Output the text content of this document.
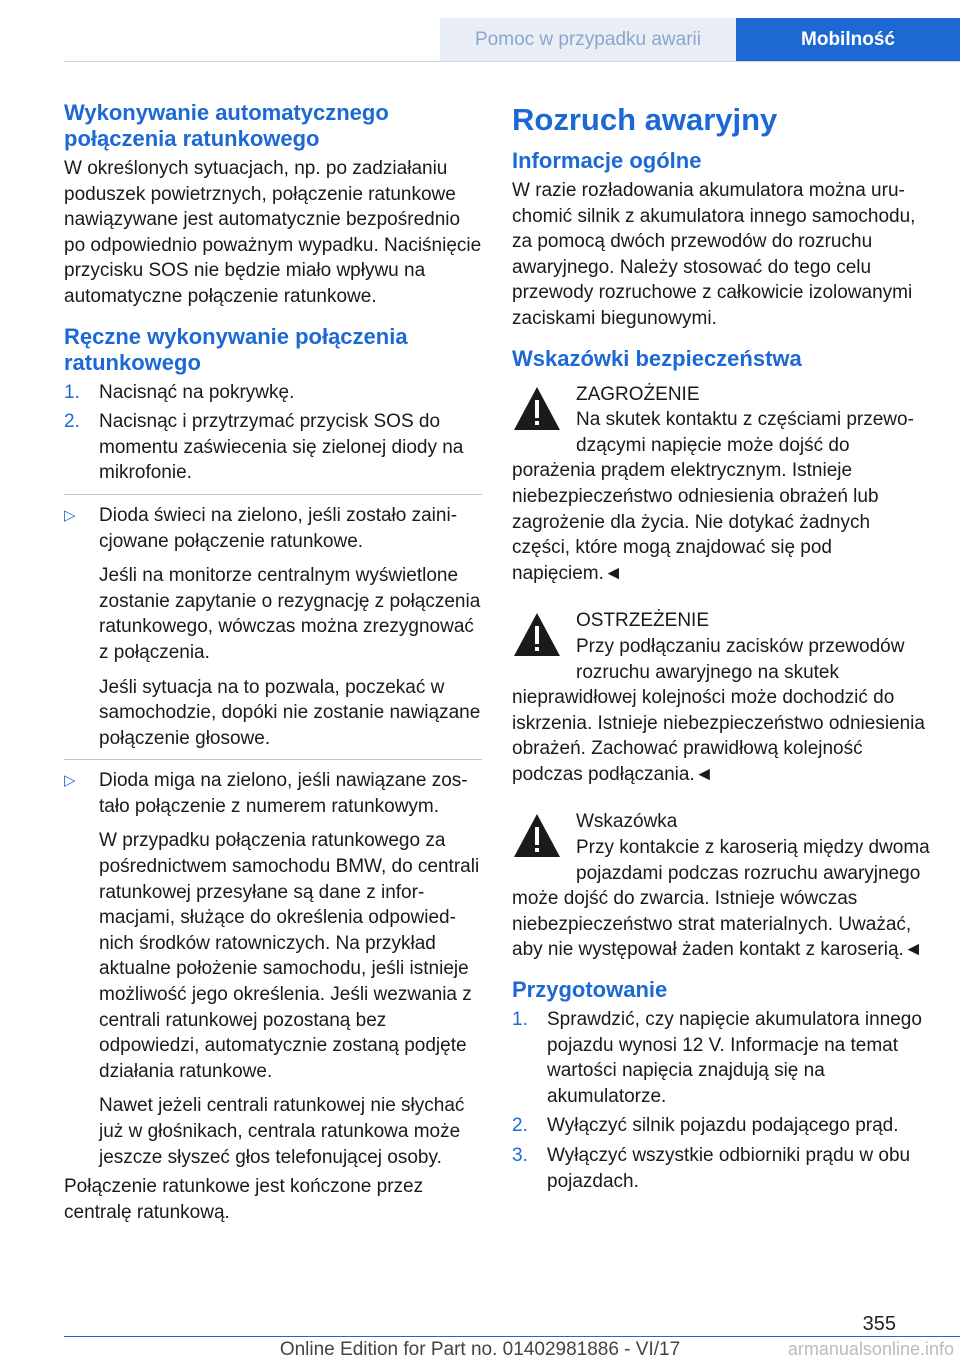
Pomoc w przypadku awarii	Mobilność
Wykonywanie automatycznego połączenia ratunkowego

W określonych sytuacjach, np. po zadziałaniu poduszek powietrznych, połączenie ratunkowe nawiązywane jest automatycznie bezpośrednio po odpowiednio poważnym wypadku. Naciśnięcie przycisku SOS nie będzie miało wpływu na automatyczne połączenie ratunkowe.

Ręczne wykonywanie połączenia ratunkowego
1.	Nacisnąć na pokrywkę.

2.	Nacisnąc i przytrzymać przycisk SOS do momentu zaświecenia się zielonej diody na mikrofonie.

▷	Dioda świeci na zielono, jeśli zostało zainicjowane połączenie ratunkowe.

Jeśli na monitorze centralnym wyświetlone zostanie zapytanie o rezygnację z połączenia ratunkowego, wówczas można zrezygnować z połączenia.

Jeśli sytuacja na to pozwala, poczekać w samochodzie, dopóki nie zostanie nawiązane połączenie głosowe.

▷	Dioda miga na zielono, jeśli nawiązane zostało połączenie z numerem ratunkowym.

W przypadku połączenia ratunkowego za pośrednictwem samochodu BMW, do centrali ratunkowej przesyłane są dane z informacjami, służące do określenia odpowiednich środków ratowniczych. Na przykład aktualne położenie samochodu, jeśli istnieje możliwość jego określenia. Jeśli wezwania z centrali ratunkowej pozostaną bez odpowiedzi, automatycznie zostaną podjęte działania ratunkowe.

Nawet jeżeli centrali ratunkowej nie słychać już w głośnikach, centrala ratunkowa może jeszcze słyszeć głos telefonującej osoby.

Połączenie ratunkowe jest kończone przez centralę ratunkową.

Rozruch awaryjny
Informacje ogólne

W razie rozładowania akumulatora można uruchomić silnik z akumulatora innego samochodu, za pomocą dwóch przewodów do rozruchu awaryjnego. Należy stosować do tego celu przewody rozruchowe z całkowicie izolowanymi zaciskami biegunowymi.

Wskazówki bezpieczeństwa
ZAGROŻENIE

Na skutek kontaktu z częściami przewodzącymi napięcie może dojść do porażenia prądem elektrycznym. Istnieje niebezpieczeństwo odniesienia obrażeń lub zagrożenie dla życia. Nie dotykać żadnych części, które mogą znajdować się pod napięciem.◄

OSTRZEŻENIE

Przy podłączaniu zacisków przewodów rozruchu awaryjnego na skutek nieprawidłowej kolejności może dochodzić do iskrzenia. Istnieje niebezpieczeństwo odniesienia obrażeń. Zachować prawidłową kolejność podczas podłączania.◄

Wskazówka

Przy kontakcie z karoserią między dwoma pojazdami podczas rozruchu awaryjnego może dojść do zwarcia. Istnieje wówczas niebezpieczeństwo strat materialnych. Uważać, aby nie występował żaden kontakt z karoserią.◄

Przygotowanie
1.	Sprawdzić, czy napięcie akumulatora innego pojazdu wynosi 12 V. Informacje na temat wartości napięcia znajdują się na akumulatorze.

2.	Wyłączyć silnik pojazdu podającego prąd.

3.	Wyłączyć wszystkie odbiorniki prądu w obu pojazdach.

355
Online Edition for Part no. 01402981886 - VI/17	armanualsonline.info
